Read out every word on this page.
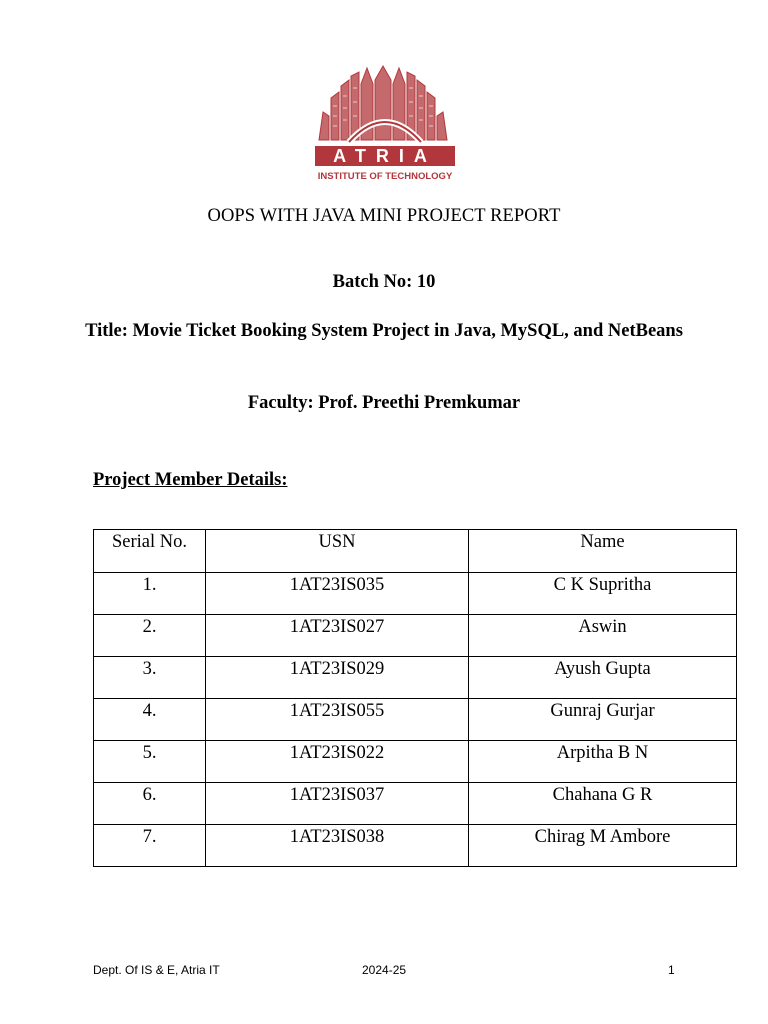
ATRIA
INSTITUTE OF TECHNOLOGY
OOPS WITH JAVA MINI PROJECT REPORT
Batch No: 10
Title: Movie Ticket Booking System Project in Java, MySQL, and NetBeans
Faculty: Prof. Preethi Premkumar
Project Member Details:
Serial No.	USN	Name
1.	1AT23IS035	C K Supritha
2.	1AT23IS027	Aswin
3.	1AT23IS029	Ayush Gupta
4.	1AT23IS055	Gunraj Gurjar
5.	1AT23IS022	Arpitha B N
6.	1AT23IS037	Chahana G R
7.	1AT23IS038	Chirag M Ambore
Dept. Of IS & E, Atria IT	2024-25	1
